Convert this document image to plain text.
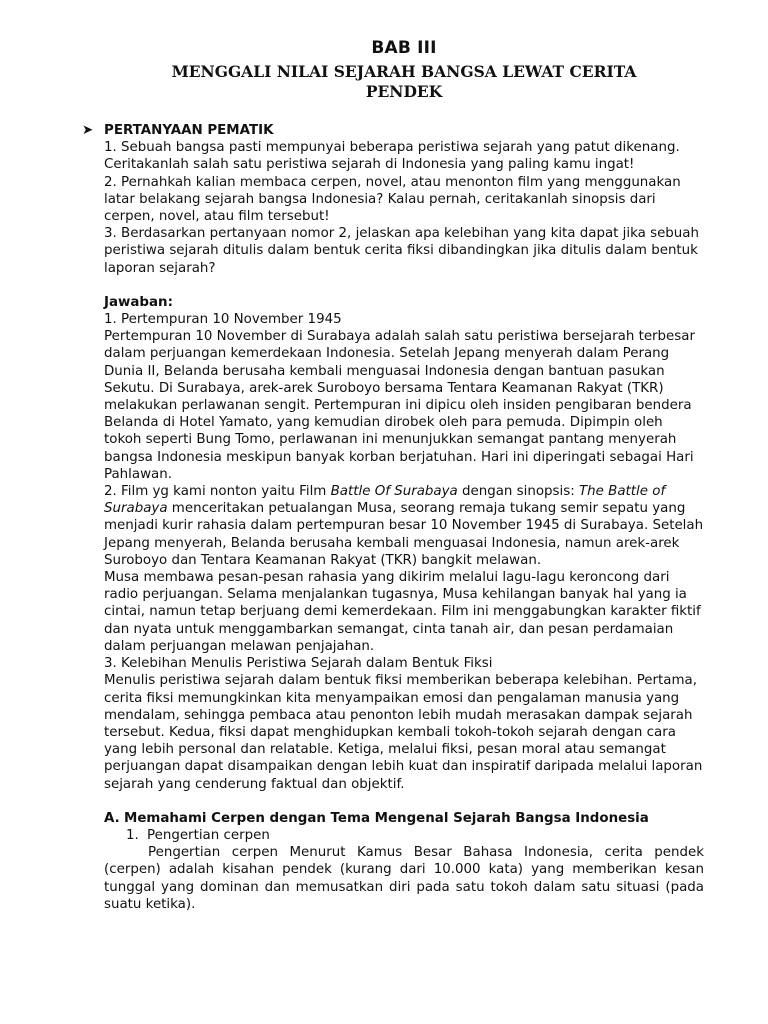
BAB III
MENGGALI NILAI SEJARAH BANGSA LEWAT CERITA
PENDEK
➤ PERTANYAAN PEMATIK

1. Sebuah bangsa pasti mempunyai beberapa peristiwa sejarah yang patut dikenang. Ceritakanlah salah satu peristiwa sejarah di Indonesia yang paling kamu ingat!

2. Pernahkah kalian membaca cerpen, novel, atau menonton film yang menggunakan latar belakang sejarah bangsa Indonesia? Kalau pernah, ceritakanlah sinopsis dari cerpen, novel, atau film tersebut!

3. Berdasarkan pertanyaan nomor 2, jelaskan apa kelebihan yang kita dapat jika sebuah peristiwa sejarah ditulis dalam bentuk cerita fiksi dibandingkan jika ditulis dalam bentuk laporan sejarah?

Jawaban:

1. Pertempuran 10 November 1945

Pertempuran 10 November di Surabaya adalah salah satu peristiwa bersejarah terbesar dalam perjuangan kemerdekaan Indonesia. Setelah Jepang menyerah dalam Perang Dunia II, Belanda berusaha kembali menguasai Indonesia dengan bantuan pasukan Sekutu. Di Surabaya, arek-arek Suroboyo bersama Tentara Keamanan Rakyat (TKR) melakukan perlawanan sengit. Pertempuran ini dipicu oleh insiden pengibaran bendera Belanda di Hotel Yamato, yang kemudian dirobek oleh para pemuda. Dipimpin oleh tokoh seperti Bung Tomo, perlawanan ini menunjukkan semangat pantang menyerah bangsa Indonesia meskipun banyak korban berjatuhan. Hari ini diperingati sebagai Hari Pahlawan.

2. Film yg kami nonton yaitu Film Battle Of Surabaya dengan sinopsis: The Battle of Surabaya menceritakan petualangan Musa, seorang remaja tukang semir sepatu yang menjadi kurir rahasia dalam pertempuran besar 10 November 1945 di Surabaya. Setelah Jepang menyerah, Belanda berusaha kembali menguasai Indonesia, namun arek-arek Suroboyo dan Tentara Keamanan Rakyat (TKR) bangkit melawan.

Musa membawa pesan-pesan rahasia yang dikirim melalui lagu-lagu keroncong dari radio perjuangan. Selama menjalankan tugasnya, Musa kehilangan banyak hal yang ia cintai, namun tetap berjuang demi kemerdekaan. Film ini menggabungkan karakter fiktif dan nyata untuk menggambarkan semangat, cinta tanah air, dan pesan perdamaian dalam perjuangan melawan penjajahan.

3. Kelebihan Menulis Peristiwa Sejarah dalam Bentuk Fiksi

Menulis peristiwa sejarah dalam bentuk fiksi memberikan beberapa kelebihan. Pertama, cerita fiksi memungkinkan kita menyampaikan emosi dan pengalaman manusia yang mendalam, sehingga pembaca atau penonton lebih mudah merasakan dampak sejarah tersebut. Kedua, fiksi dapat menghidupkan kembali tokoh-tokoh sejarah dengan cara yang lebih personal dan relatable. Ketiga, melalui fiksi, pesan moral atau semangat perjuangan dapat disampaikan dengan lebih kuat dan inspiratif daripada melalui laporan sejarah yang cenderung faktual dan objektif.

A. Memahami Cerpen dengan Tema Mengenal Sejarah Bangsa Indonesia

1. Pengertian cerpen

Pengertian cerpen Menurut Kamus Besar Bahasa Indonesia, cerita pendek (cerpen) adalah kisahan pendek (kurang dari 10.000 kata) yang memberikan kesan tunggal yang dominan dan memusatkan diri pada satu tokoh dalam satu situasi (pada suatu ketika).
